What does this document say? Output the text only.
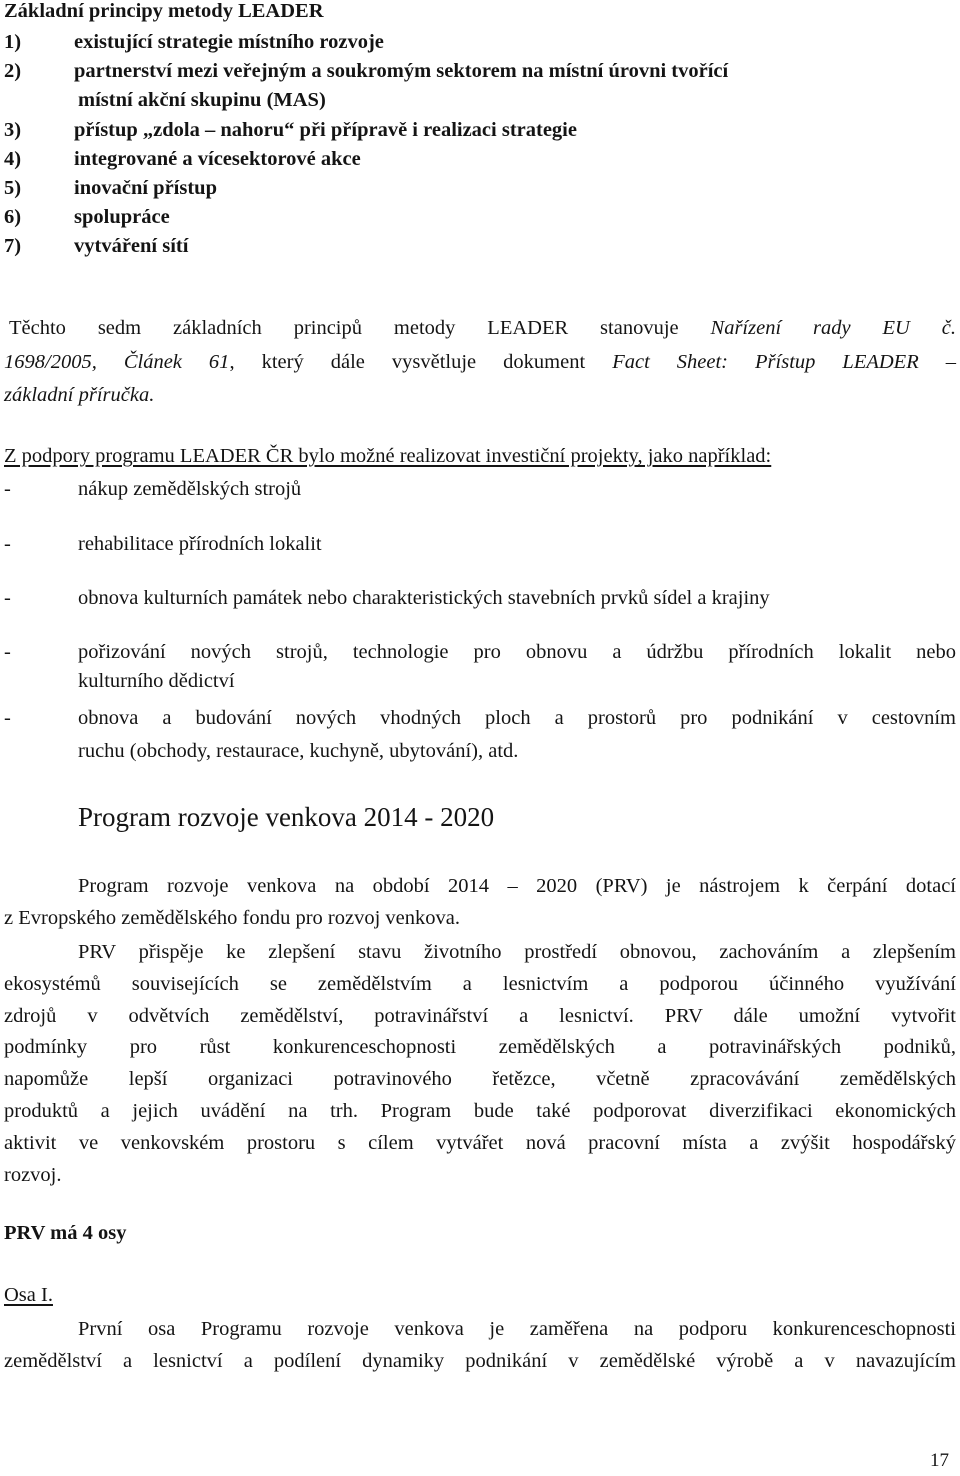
Základní principy metody LEADER
1)	existující strategie místního rozvoje
2)	partnerství mezi veřejným a soukromým sektorem na místní úrovni tvořící
místní akční skupinu (MAS)
3)	přístup „zdola – nahoru“ při přípravě i realizaci strategie
4)	integrované a vícesektorové akce
5)	inovační přístup
6)	spolupráce
7)	vytváření sítí
Těchto sedm základních principů metody LEADER stanovuje Nařízení rady EU č.
1698/2005, Článek 61, který dále vysvětluje dokument Fact Sheet: Přístup LEADER –
základní příručka.
Z podpory programu LEADER ČR bylo možné realizovat investiční projekty, jako například:
-	nákup zemědělských strojů
-	rehabilitace přírodních lokalit
-	obnova kulturních památek nebo charakteristických stavebních prvků sídel a krajiny
-	pořizování nových strojů, technologie pro obnovu a údržbu přírodních lokalit nebo
kulturního dědictví
-	obnova a budování nových vhodných ploch a prostorů pro podnikání v cestovním
ruchu (obchody, restaurace, kuchyně, ubytování), atd.
Program rozvoje venkova 2014 - 2020
Program rozvoje venkova na období 2014 – 2020 (PRV) je nástrojem k čerpání dotací
z Evropského zemědělského fondu pro rozvoj venkova.
PRV přispěje ke zlepšení stavu životního prostředí obnovou, zachováním a zlepšením
ekosystémů souvisejících se zemědělstvím a lesnictvím a podporou účinného využívání
zdrojů v odvětvích zemědělství, potravinářství a lesnictví. PRV dále umožní vytvořit
podmínky pro růst konkurenceschopnosti zemědělských a potravinářských podniků,
napomůže lepší organizaci potravinového řetězce, včetně zpracovávání zemědělských
produktů a jejich uvádění na trh. Program bude také podporovat diverzifikaci ekonomických
aktivit ve venkovském prostoru s cílem vytvářet nová pracovní místa a zvýšit hospodářský
rozvoj.
PRV má 4 osy
Osa I.
První osa Programu rozvoje venkova je zaměřena na podporu konkurenceschopnosti
zemědělství a lesnictví a podílení dynamiky podnikání v zemědělské výrobě a v navazujícím
17
